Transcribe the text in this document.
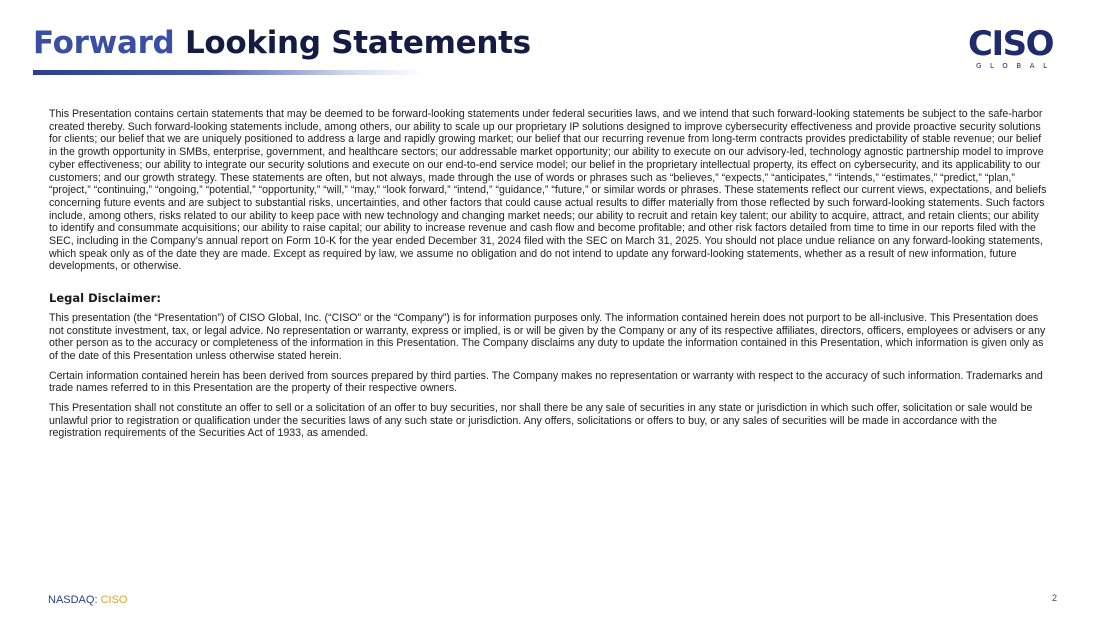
Forward Looking Statements	CISO
GLOBAL

This Presentation contains certain statements that may be deemed to be forward-looking statements under federal securities laws, and we intend that such forward-looking statements be subject to the safe-harbor created thereby. Such forward-looking statements include, among others, our ability to scale up our proprietary IP solutions designed to improve cybersecurity effectiveness and provide proactive security solutions for clients; our belief that we are uniquely positioned to address a large and rapidly growing market; our belief that our recurring revenue from long-term contracts provides predictability of stable revenue; our belief in the growth opportunity in SMBs, enterprise, government, and healthcare sectors; our addressable market opportunity; our ability to execute on our advisory-led, technology agnostic partnership model to improve cyber effectiveness; our ability to integrate our security solutions and execute on our end-to-end service model; our belief in the proprietary intellectual property, its effect on cybersecurity, and its applicability to our customers; and our growth strategy. These statements are often, but not always, made through the use of words or phrases such as “believes,” “expects,” “anticipates,” “intends,” “estimates,” “predict,” “plan,” “project,” “continuing,” “ongoing,” “potential,” “opportunity,” “will,” “may,” “look forward,” “intend,” “guidance,” “future,” or similar words or phrases. These statements reflect our current views, expectations, and beliefs concerning future events and are subject to substantial risks, uncertainties, and other factors that could cause actual results to differ materially from those reflected by such forward-looking statements. Such factors include, among others, risks related to our ability to keep pace with new technology and changing market needs; our ability to recruit and retain key talent; our ability to acquire, attract, and retain clients; our ability to identify and consummate acquisitions; our ability to raise capital; our ability to increase revenue and cash flow and become profitable; and other risk factors detailed from time to time in our reports filed with the SEC, including in the Company’s annual report on Form 10-K for the year ended December 31, 2024 filed with the SEC on March 31, 2025. You should not place undue reliance on any forward-looking statements, which speak only as of the date they are made. Except as required by law, we assume no obligation and do not intend to update any forward-looking statements, whether as a result of new information, future developments, or otherwise.

Legal Disclaimer:

This presentation (the “Presentation”) of CISO Global, Inc. (“CISO” or the “Company”) is for information purposes only. The information contained herein does not purport to be all-inclusive. This Presentation does not constitute investment, tax, or legal advice. No representation or warranty, express or implied, is or will be given by the Company or any of its respective affiliates, directors, officers, employees or advisers or any other person as to the accuracy or completeness of the information in this Presentation. The Company disclaims any duty to update the information contained in this Presentation, which information is given only as of the date of this Presentation unless otherwise stated herein.

Certain information contained herein has been derived from sources prepared by third parties. The Company makes no representation or warranty with respect to the accuracy of such information. Trademarks and trade names referred to in this Presentation are the property of their respective owners.

This Presentation shall not constitute an offer to sell or a solicitation of an offer to buy securities, nor shall there be any sale of securities in any state or jurisdiction in which such offer, solicitation or sale would be unlawful prior to registration or qualification under the securities laws of any such state or jurisdiction. Any offers, solicitations or offers to buy, or any sales of securities will be made in accordance with the registration requirements of the Securities Act of 1933, as amended.

NASDAQ: CISO	2
